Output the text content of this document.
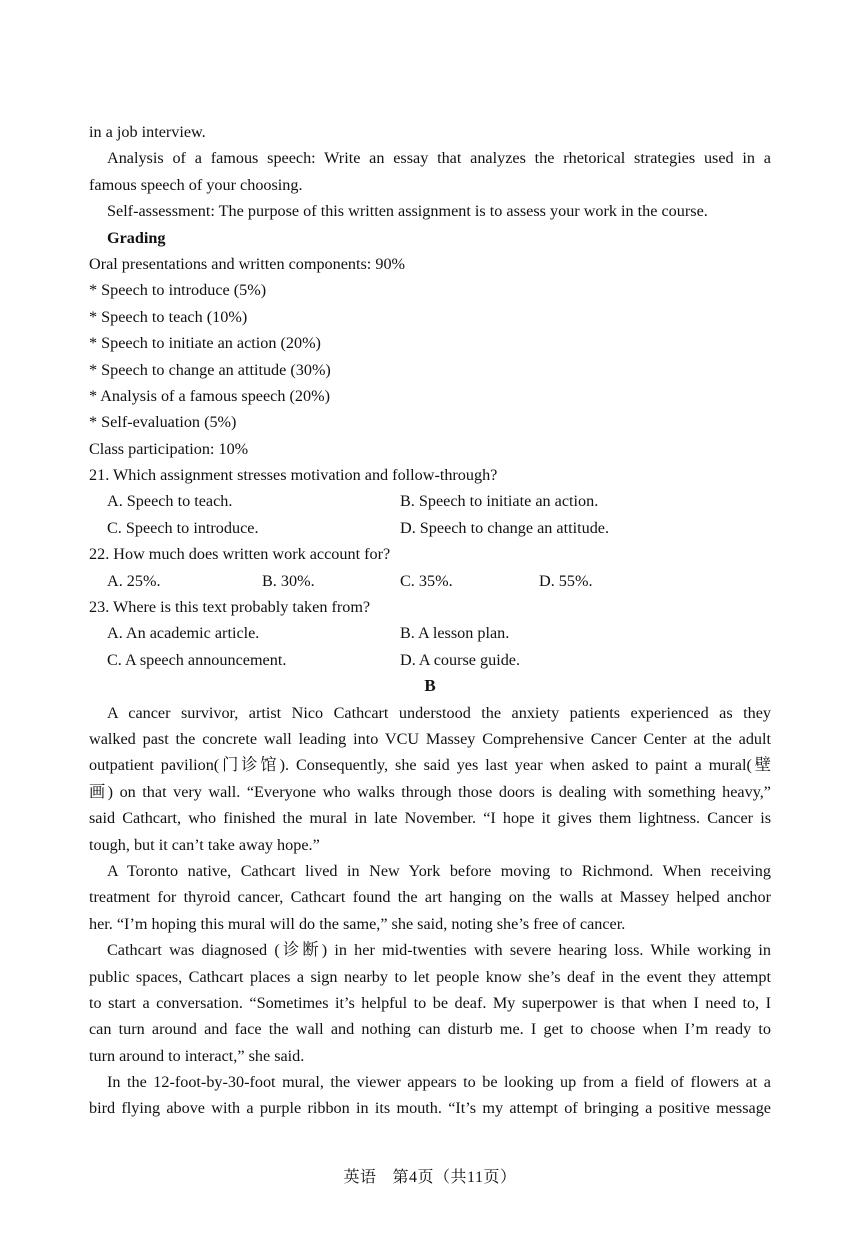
in a job interview.
Analysis of a famous speech: Write an essay that analyzes the rhetorical strategies used in a
famous speech of your choosing.
Self-assessment: The purpose of this written assignment is to assess your work in the course.
Grading
Oral presentations and written components: 90%
* Speech to introduce (5%)
* Speech to teach (10%)
* Speech to initiate an action (20%)
* Speech to change an attitude (30%)
* Analysis of a famous speech (20%)
* Self-evaluation (5%)
Class participation: 10%
21. Which assignment stresses motivation and follow-through?
A. Speech to teach.	B. Speech to initiate an action.
C. Speech to introduce.	D. Speech to change an attitude.
22. How much does written work account for?
A. 25%.	B. 30%.	C. 35%.	D. 55%.
23. Where is this text probably taken from?
A. An academic article.	B. A lesson plan.
C. A speech announcement.	D. A course guide.
B
A cancer survivor, artist Nico Cathcart understood the anxiety patients experienced as they
walked past the concrete wall leading into VCU Massey Comprehensive Cancer Center at the adult
outpatient pavilion(门诊馆). Consequently, she said yes last year when asked to paint a mural(壁
画) on that very wall. “Everyone who walks through those doors is dealing with something heavy,”
said Cathcart, who finished the mural in late November. “I hope it gives them lightness. Cancer is
tough, but it can’t take away hope.”
A Toronto native, Cathcart lived in New York before moving to Richmond. When receiving
treatment for thyroid cancer, Cathcart found the art hanging on the walls at Massey helped anchor
her. “I’m hoping this mural will do the same,” she said, noting she’s free of cancer.
Cathcart was diagnosed (诊断) in her mid-twenties with severe hearing loss. While working in
public spaces, Cathcart places a sign nearby to let people know she’s deaf in the event they attempt
to start a conversation. “Sometimes it’s helpful to be deaf. My superpower is that when I need to, I
can turn around and face the wall and nothing can disturb me. I get to choose when I’m ready to
turn around to interact,” she said.
In the 12-foot-by-30-foot mural, the viewer appears to be looking up from a field of flowers at a
bird flying above with a purple ribbon in its mouth. “It’s my attempt of bringing a positive message
英语 第4页（共11页）
